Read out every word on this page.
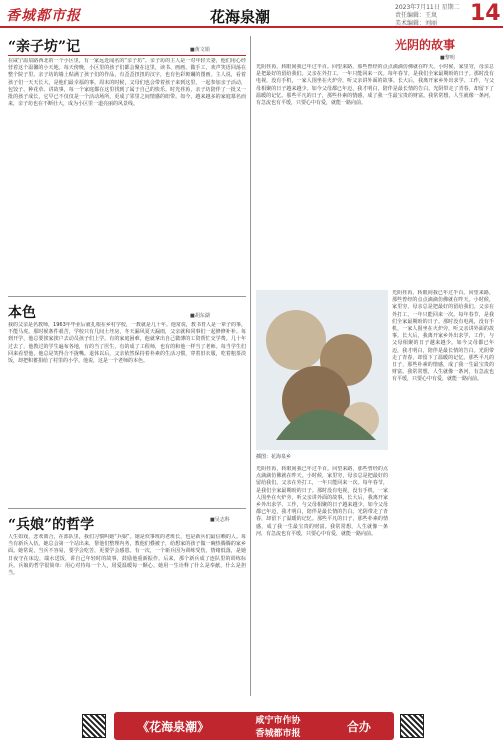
香城都市报	花海泉潮
2023年7月11日 星期二
责任编辑：王岚
美术编辑：刘丽	14
“亲子坊”记	■黄文娟
在咸宁温泉路西北的一个小区里，有一家远近闻名的“亲子坊”。亲子坊的主人是一对年轻夫妻，他们用心经营着这个温馨的小天地。每天傍晚，小区里的孩子们都会聚在这里，读书、画画、做手工，欢声笑语回荡在整个院子里。亲子坊的墙上贴满了孩子们的作品，有歪歪扭扭的汉字，也有色彩斑斓的图画。主人说，看着孩子们一天天长大，是他们最幸福的事。周末的时候，父母们也会带着孩子来到这里，一起参加亲子活动，包饺子、种花草、讲故事，每一个家庭都在这里找到了属于自己的快乐。时光荏苒，亲子坊陪伴了一批又一批的孩子成长，它早已不仅仅是一个活动场所，更成了邻里之间情感的纽带。如今，越来越多的家庭慕名而来，亲子坊也在不断壮大，成为小区里一道亮丽的风景线。
本色	■胡东湖
我的父亲是名教师，1963年毕业后就扎根在乡村学校，一教就是几十年。他常说，教书育人是一辈子的事，不能马虎。那时候条件艰苦，学校只有几间土坯房，冬天漏风夏天漏雨，父亲就和同事们一起修修补补。每到开学，他总要挨家挨户去动员孩子们上学。有的家庭困难，他就拿出自己微薄的工资帮忙交学费。几十年过去了，他教过的学生遍布各地，有的当了医生，有的成了工程师，也有的和他一样当了老师。每当学生们回来看望他，他总是笑得合不拢嘴。退休以后，父亲依然保持着朴素的生活习惯，穿着旧衣服，吃着粗茶淡饭，却把积蓄捐给了村里的小学。他说，这是一个老师的本色。
“兵娘”的哲学	■吴志科
人生如戏，悲欢离合，在部队里，我们习惯叫她“兵娘”。她是炊事班的老班长，也是新兵们最信赖的人。每当有新兵入伍，她总会第一个站出来，帮他们整理内务，教他们叠被子，给想家的孩子做一碗热腾腾的家乡面。她常说，当兵不容易，要学会吃苦，更要学会感恩。有一次，一个新兵因为训练受伤，情绪低落，是她日夜守在床边，端水送饭，讲自己年轻时的故事，鼓励他重新振作。后来，那个新兵成了连队里的训练标兵。兵娘的哲学很简单：用心对待每一个人，用爱温暖每一颗心。她用一生诠释了什么是奉献，什么是担当。
插图：花海泉乡
光阴的故事
■黎明
光阴荏苒，转眼间我已年过半百。回望来路，那些曾经的点点滴滴仿佛就在昨天。小时候，家里穷，母亲总是把最好的留给我们。父亲在外打工，一年只能回来一次。每年春节，是我们全家最期盼的日子。那时没有电视，没有手机，一家人围坐在火炉旁，听父亲讲外面的故事。长大后，我离开家乡外出求学、工作，与父母相聚的日子越来越少。如今父母都已年迈，我才明白，陪伴是最长情的告白。光阴带走了青春，却留下了温暖的记忆。那些平凡的日子，那些朴素的情感，成了我一生最宝贵的财富。我常常想，人生就像一条河，有急流也有平缓，只要心中有爱，就能一路向前。
光阴荏苒，转眼间我已年过半百。回望来路，那些曾经的点点滴滴仿佛就在昨天。小时候，家里穷，母亲总是把最好的留给我们。父亲在外打工，一年只能回来一次。每年春节，是我们全家最期盼的日子。那时没有电视，没有手机，一家人围坐在火炉旁，听父亲讲外面的故事。长大后，我离开家乡外出求学、工作，与父母相聚的日子越来越少。如今父母都已年迈，我才明白，陪伴是最长情的告白。光阴带走了青春，却留下了温暖的记忆。那些平凡的日子，那些朴素的情感，成了我一生最宝贵的财富。我常常想，人生就像一条河，有急流也有平缓，只要心中有爱，就能一路向前。
光阴荏苒，转眼间我已年过半百。回望来路，那些曾经的点点滴滴仿佛就在昨天。小时候，家里穷，母亲总是把最好的留给我们。父亲在外打工，一年只能回来一次。每年春节，是我们全家最期盼的日子。那时没有电视，没有手机，一家人围坐在火炉旁，听父亲讲外面的故事。长大后，我离开家乡外出求学、工作，与父母相聚的日子越来越少。如今父母都已年迈，我才明白，陪伴是最长情的告白。光阴带走了青春，却留下了温暖的记忆。那些平凡的日子，那些朴素的情感，成了我一生最宝贵的财富。我常常想，人生就像一条河，有急流也有平缓，只要心中有爱，就能一路向前。
《花海泉潮》	咸宁市作协
香城都市报
合办
